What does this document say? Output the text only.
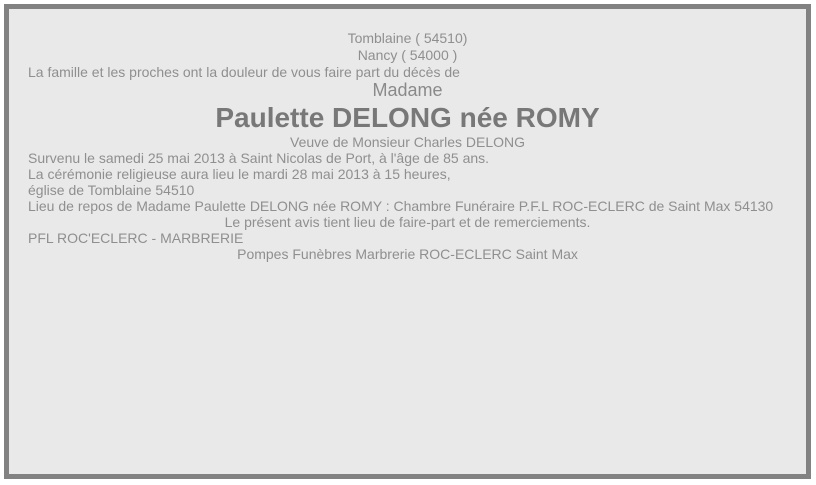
Tomblaine ( 54510)
Nancy ( 54000 )

La famille et les proches ont la douleur de vous faire part du décès de

Madame

Paulette DELONG née ROMY

Veuve de Monsieur Charles DELONG

Survenu le samedi 25 mai 2013 à Saint Nicolas de Port, à l'âge de 85 ans.

La cérémonie religieuse aura lieu le mardi 28 mai 2013 à 15 heures,
église de Tomblaine 54510

Lieu de repos de Madame Paulette DELONG née ROMY : Chambre Funéraire P.F.L ROC-ECLERC de Saint Max 54130

Le présent avis tient lieu de faire-part et de remerciements.

PFL ROC'ECLERC - MARBRERIE

Pompes Funèbres Marbrerie ROC-ECLERC Saint Max
